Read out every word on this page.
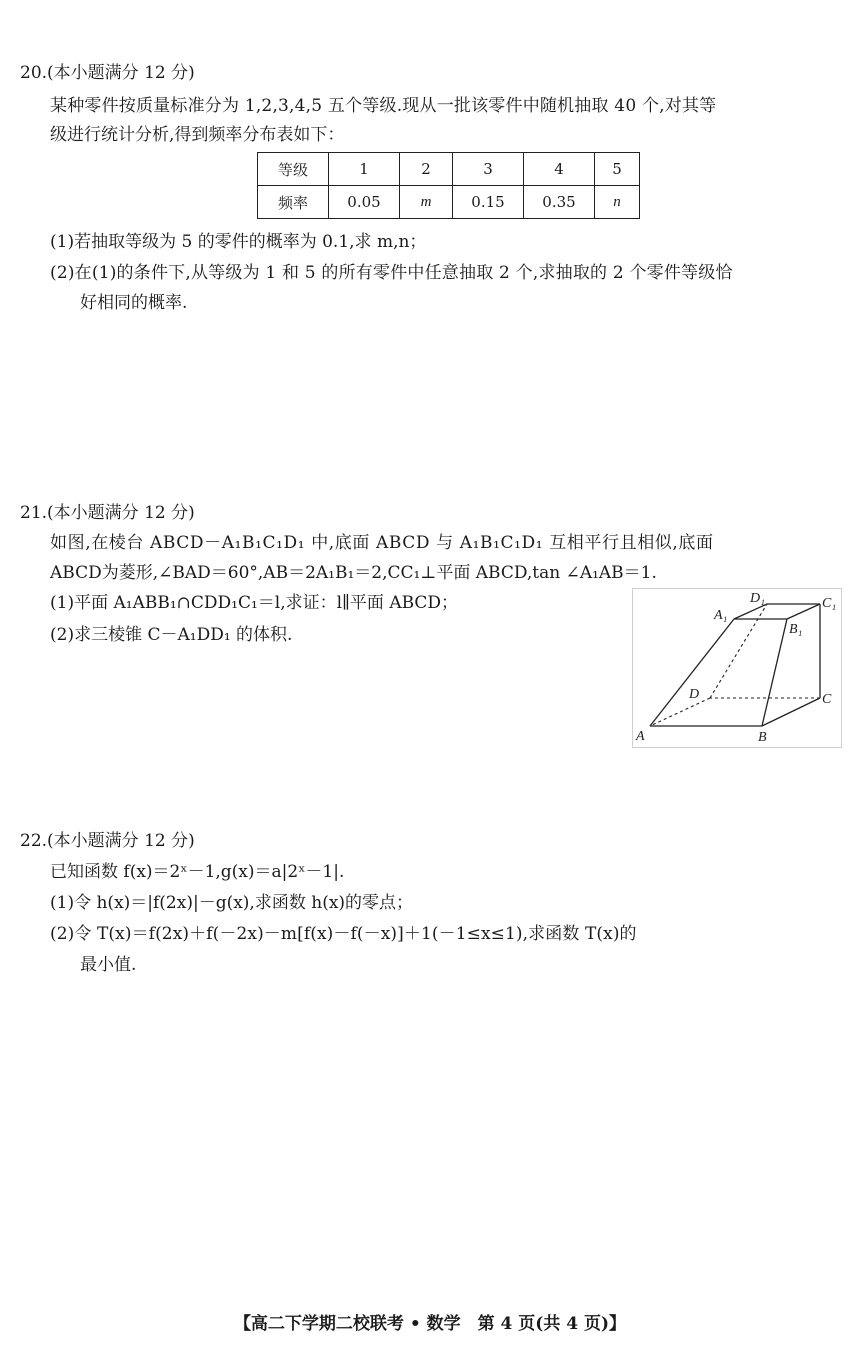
20.(本小题满分 12 分)
某种零件按质量标准分为 1,2,3,4,5 五个等级.现从一批该零件中随机抽取 40 个,对其等
级进行统计分析,得到频率分布表如下：
等级	1	2	3	4	5
频率	0.05	m	0.15	0.35	n
(1)若抽取等级为 5 的零件的概率为 0.1,求 m,n；
(2)在(1)的条件下,从等级为 1 和 5 的所有零件中任意抽取 2 个,求抽取的 2 个零件等级恰
好相同的概率.
21.(本小题满分 12 分)
如图,在棱台 ABCD－A₁B₁C₁D₁ 中,底面 ABCD 与 A₁B₁C₁D₁ 互相平行且相似,底面
ABCD为菱形,∠BAD＝60°,AB＝2A₁B₁＝2,CC₁⊥平面 ABCD,tan ∠A₁AB＝1.
(1)平面 A₁ABB₁∩CDD₁C₁＝l,求证：l∥平面 ABCD；
(2)求三棱锥 C－A₁DD₁ 的体积.
A	B
C
D
A₁
B₁
C₁
D₁
22.(本小题满分 12 分)
已知函数 f(x)＝2ˣ－1,g(x)＝a|2ˣ－1|.
(1)令 h(x)＝|f(2x)|－g(x),求函数 h(x)的零点；
(2)令 T(x)＝f(2x)＋f(－2x)－m[f(x)－f(－x)]＋1(－1≤x≤1),求函数 T(x)的
最小值.
【高二下学期二校联考 • 数学　第 4 页(共 4 页)】
